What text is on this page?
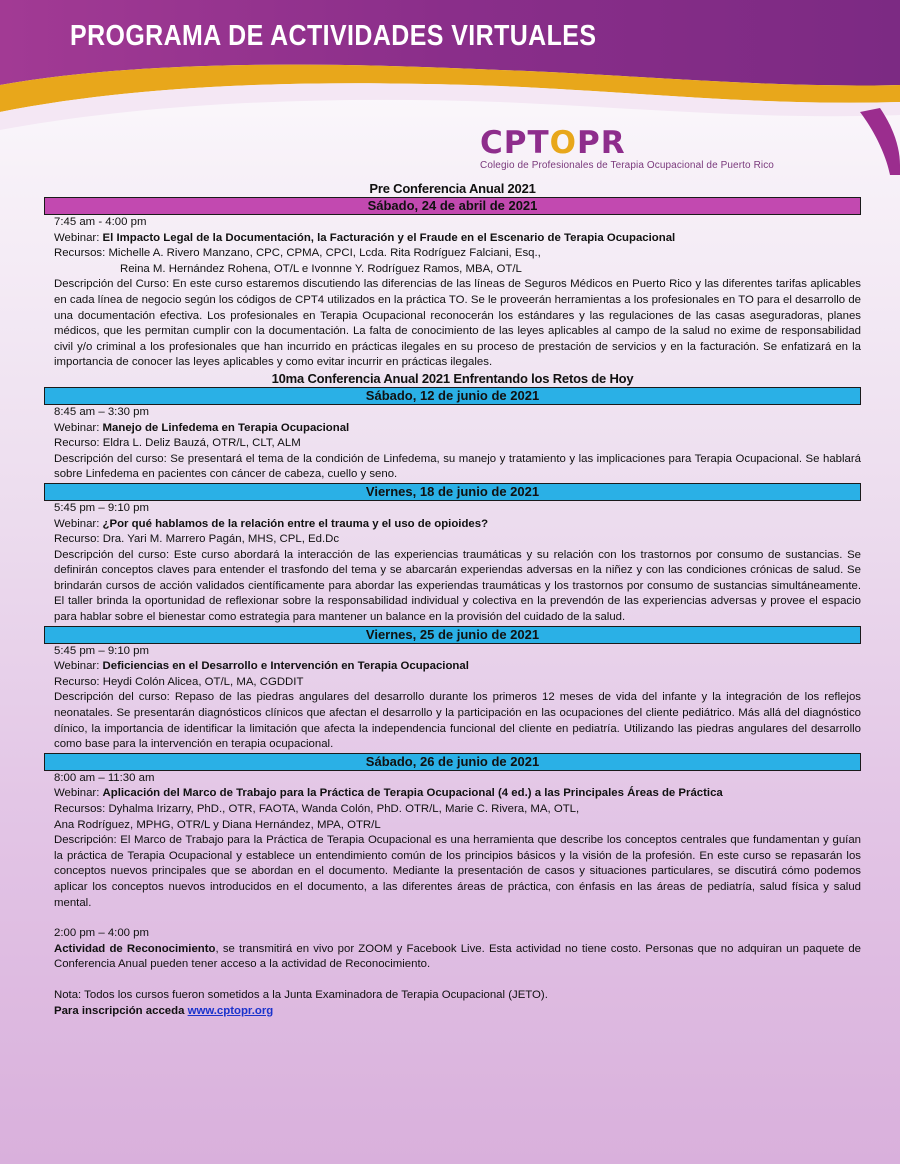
PROGRAMA DE ACTIVIDADES VIRTUALES
CPTOPR
Colegio de Profesionales de Terapia Ocupacional de Puerto Rico
Pre Conferencia Anual 2021
Sábado, 24 de abril de 2021
7:45 am - 4:00 pm
Webinar: El Impacto Legal de la Documentación, la Facturación y el Fraude en el Escenario de Terapia Ocupacional
Recursos: Michelle A. Rivero Manzano, CPC, CPMA, CPCI, Lcda. Rita Rodríguez Falciani, Esq.,
Reina M. Hernández Rohena, OT/L e Ivonnne Y. Rodríguez Ramos, MBA, OT/L
Descripción del Curso: En este curso estaremos discutiendo las diferencias de las líneas de Seguros Médicos en Puerto Rico y las diferentes tarifas aplicables en cada línea de negocio según los códigos de CPT4 utilizados en la práctica TO. Se le proveerán herramientas a los profesionales en TO para el desarrollo de una documentación efectiva. Los profesionales en Terapia Ocupacional reconocerán los estándares y las regulaciones de las casas aseguradoras, planes médicos, que les permitan cumplir con la documentación. La falta de conocimiento de las leyes aplicables al campo de la salud no exime de responsabilidad civil y/o criminal a los profesionales que han incurrido en prácticas ilegales en su proceso de prestación de servicios y en la facturación. Se enfatizará en la importancia de conocer las leyes aplicables y como evitar incurrir en prácticas ilegales.
10ma Conferencia Anual 2021 Enfrentando los Retos de Hoy
Sábado, 12 de junio de 2021
8:45 am – 3:30 pm
Webinar: Manejo de Linfedema en Terapia Ocupacional
Recurso: Eldra L. Deliz Bauzá, OTR/L, CLT, ALM
Descripción del curso: Se presentará el tema de la condición de Linfedema, su manejo y tratamiento y las implicaciones para Terapia Ocupacional. Se hablará sobre Linfedema en pacientes con cáncer de cabeza, cuello y seno.
Viernes, 18 de junio de 2021
5:45 pm – 9:10 pm
Webinar: ¿Por qué hablamos de la relación entre el trauma y el uso de opioides?
Recurso: Dra. Yari M. Marrero Pagán, MHS, CPL, Ed.Dc
Descripción del curso: Este curso abordará la interacción de las experiencias traumáticas y su relación con los trastornos por consumo de sustancias. Se definirán conceptos claves para entender el trasfondo del tema y se abarcarán experiendas adversas en la niñez y con las condiciones crónicas de salud. Se brindarán cursos de acción validados científicamente para abordar las experiendas traumáticas y los trastornos por consumo de sustancias simultáneamente. El taller brinda la oportunidad de reflexionar sobre la responsabilidad individual y colectiva en la prevendón de las experiencias adversas y provee el espacio para hablar sobre el bienestar como estrategia para mantener un balance en la provisión del cuidado de la salud.
Viernes, 25 de junio de 2021
5:45 pm – 9:10 pm
Webinar: Deficiencias en el Desarrollo e Intervención en Terapia Ocupacional
Recurso: Heydi Colón Alicea, OT/L, MA, CGDDIT
Descripción del curso: Repaso de las piedras angulares del desarrollo durante los primeros 12 meses de vida del infante y la integración de los reflejos neonatales. Se presentarán diagnósticos clínicos que afectan el desarrollo y la participación en las ocupaciones del cliente pediátrico. Más allá del diagnóstico dínico, la importancia de identificar la limitación que afecta la independencia funcional del cliente en pediatría. Utilizando las piedras angulares del desarrollo como base para la intervención en terapia ocupacional.
Sábado, 26 de junio de 2021
8:00 am – 11:30 am
Webinar: Aplicación del Marco de Trabajo para la Práctica de Terapia Ocupacional (4 ed.) a las Principales Áreas de Práctica
Recursos: Dyhalma Irizarry, PhD., OTR, FAOTA, Wanda Colón, PhD. OTR/L, Marie C. Rivera, MA, OTL,
Ana Rodríguez, MPHG, OTR/L y Diana Hernández, MPA, OTR/L
Descripción: El Marco de Trabajo para la Práctica de Terapia Ocupacional es una herramienta que describe los conceptos centrales que fundamentan y guían la práctica de Terapia Ocupacional y establece un entendimiento común de los principios básicos y la visión de la profesión. En este curso se repasarán los conceptos nuevos principales que se abordan en el documento. Mediante la presentación de casos y situaciones particulares, se discutirá cómo podemos aplicar los conceptos nuevos introducidos en el documento, a las diferentes áreas de práctica, con énfasis en las áreas de pediatría, salud física y salud mental.
2:00 pm – 4:00 pm
Actividad de Reconocimiento, se transmitirá en vivo por ZOOM y Facebook Live. Esta actividad no tiene costo. Personas que no adquiran un paquete de Conferencia Anual pueden tener acceso a la actividad de Reconocimiento.
Nota: Todos los cursos fueron sometidos a la Junta Examinadora de Terapia Ocupacional (JETO).
Para inscripción acceda www.cptopr.org
